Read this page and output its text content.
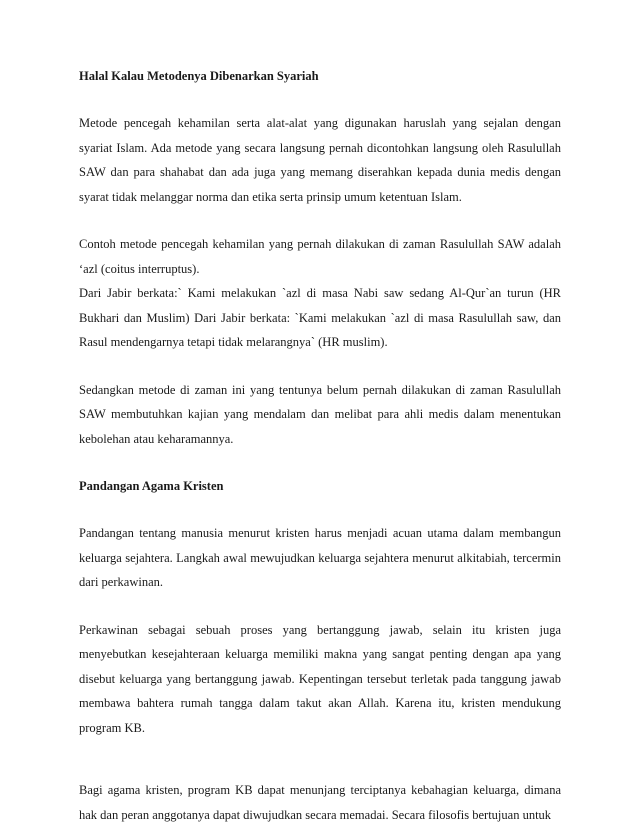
Halal Kalau Metodenya Dibenarkan Syariah

Metode pencegah kehamilan serta alat-alat yang digunakan haruslah yang sejalan dengan syariat Islam. Ada metode yang secara langsung pernah dicontohkan langsung oleh Rasulullah SAW dan para shahabat dan ada juga yang memang diserahkan kepada dunia medis dengan syarat tidak melanggar norma dan etika serta prinsip umum ketentuan Islam.

Contoh metode pencegah kehamilan yang pernah dilakukan di zaman Rasulullah SAW adalah ‘azl (coitus interruptus).

Dari Jabir berkata:` Kami melakukan `azl di masa Nabi saw sedang Al-Qur`an turun (HR Bukhari dan Muslim) Dari Jabir berkata: `Kami melakukan `azl di masa Rasulullah saw, dan Rasul mendengarnya tetapi tidak melarangnya` (HR muslim).

Sedangkan metode di zaman ini yang tentunya belum pernah dilakukan di zaman Rasulullah SAW membutuhkan kajian yang mendalam dan melibat para ahli medis dalam menentukan kebolehan atau keharamannya.

Pandangan Agama Kristen

Pandangan tentang manusia menurut kristen harus menjadi acuan utama dalam membangun keluarga sejahtera. Langkah awal mewujudkan keluarga sejahtera menurut alkitabiah, tercermin dari perkawinan.

Perkawinan sebagai sebuah proses yang bertanggung jawab, selain itu kristen juga menyebutkan kesejahteraan keluarga memiliki makna yang sangat penting dengan apa yang disebut keluarga yang bertanggung jawab. Kepentingan tersebut terletak pada tanggung jawab membawa bahtera rumah tangga dalam takut akan Allah. Karena itu, kristen mendukung program KB.

Bagi agama kristen, program KB dapat menunjang terciptanya kebahagian keluarga, dimana hak dan peran anggotanya dapat diwujudkan secara memadai. Secara filosofis bertujuan untuk
